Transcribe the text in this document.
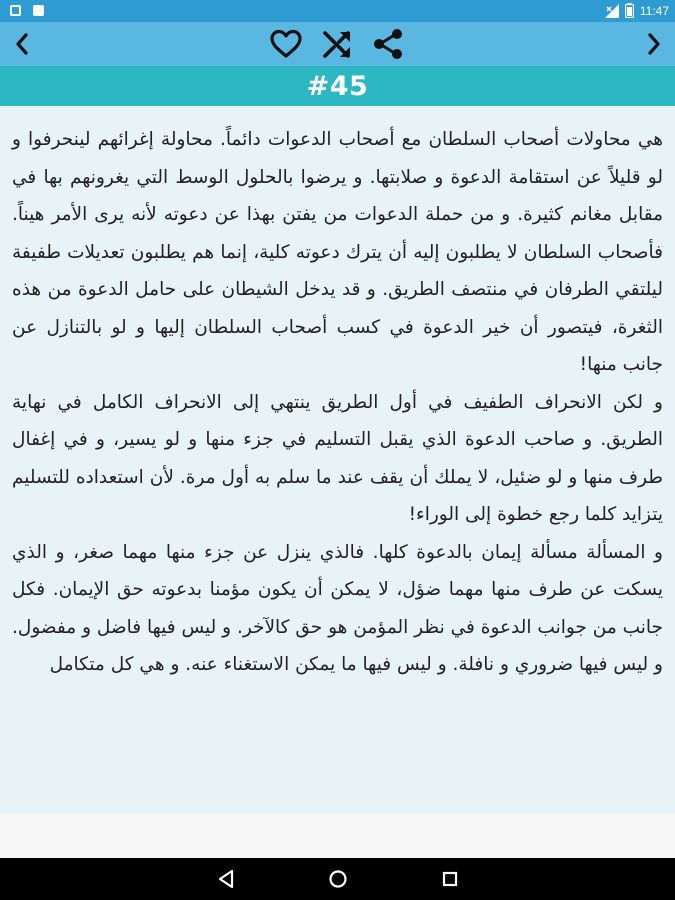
11:47
#45

هي محاولات أصحاب السلطان مع أصحاب الدعوات دائماً. محاولة إغرائهم لينحرفوا و لو قليلاً عن استقامة الدعوة و صلابتها. و يرضوا بالحلول الوسط التي يغرونهم بها في مقابل مغانم كثيرة. و من حملة الدعوات من يفتن بهذا عن دعوته لأنه يرى الأمر هيناً. فأصحاب السلطان لا يطلبون إليه أن يترك دعوته كلية، إنما هم يطلبون تعديلات طفيفة ليلتقي الطرفان في منتصف الطريق. و قد يدخل الشيطان على حامل الدعوة من هذه الثغرة، فيتصور أن خير الدعوة في كسب أصحاب السلطان إليها و لو بالتنازل عن جانب منها!

و لكن الانحراف الطفيف في أول الطريق ينتهي إلى الانحراف الكامل في نهاية الطريق. و صاحب الدعوة الذي يقبل التسليم في جزء منها و لو يسير، و في إغفال طرف منها و لو ضئيل، لا يملك أن يقف عند ما سلم به أول مرة. لأن استعداده للتسليم يتزايد كلما رجع خطوة إلى الوراء!

و المسألة مسألة إيمان بالدعوة كلها. فالذي ينزل عن جزء منها مهما صغر، و الذي يسكت عن طرف منها مهما ضؤل، لا يمكن أن يكون مؤمنا بدعوته حق الإيمان. فكل جانب من جوانب الدعوة في نظر المؤمن هو حق كالآخر. و ليس فيها فاضل و مفضول. و ليس فيها ضروري و نافلة. و ليس فيها ما يمكن الاستغناء عنه. و هي كل متكامل
